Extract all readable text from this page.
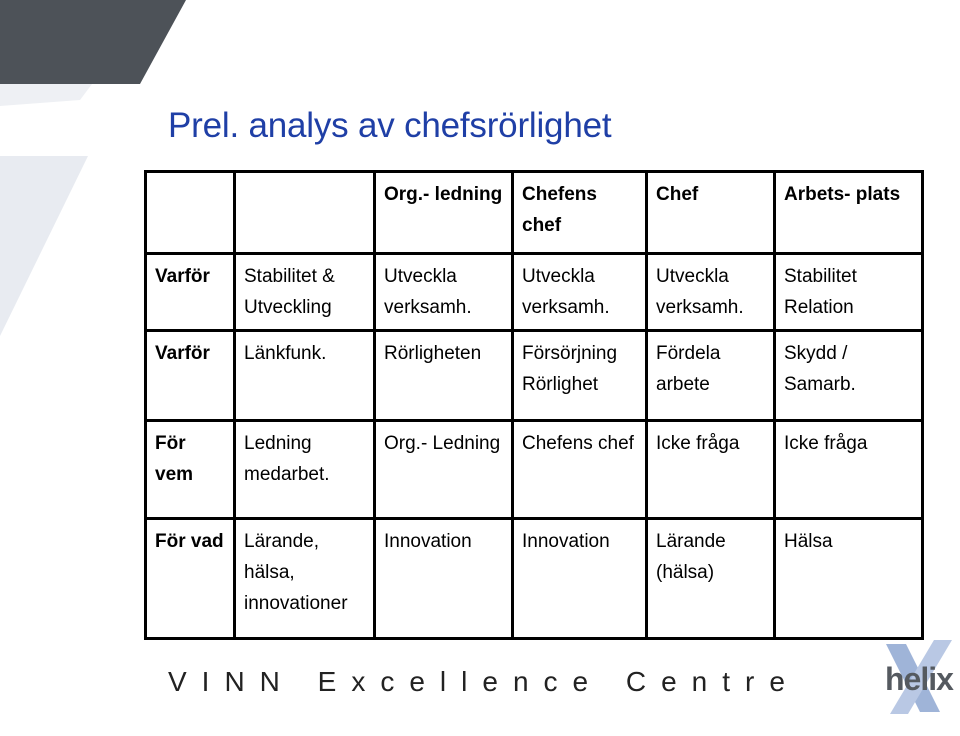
Prel. analys av chefsrörlighet
		Org.- ledning	Chefens chef	Chef	Arbets- plats
Varför	Stabilitet & Utveckling	Utveckla verksamh.	Utveckla verksamh.	Utveckla verksamh.	Stabilitet Relation
Varför	Länkfunk.	Rörligheten	Försörjning Rörlighet	Fördela arbete	Skydd / Samarb.
För vem	Ledning medarbet.	Org.- Ledning	Chefens chef	Icke fråga	Icke fråga
För vad	Lärande, hälsa, innovationer	Innovation	Innovation	Lärande (hälsa)	Hälsa
VINN Excellence Centre	helix
